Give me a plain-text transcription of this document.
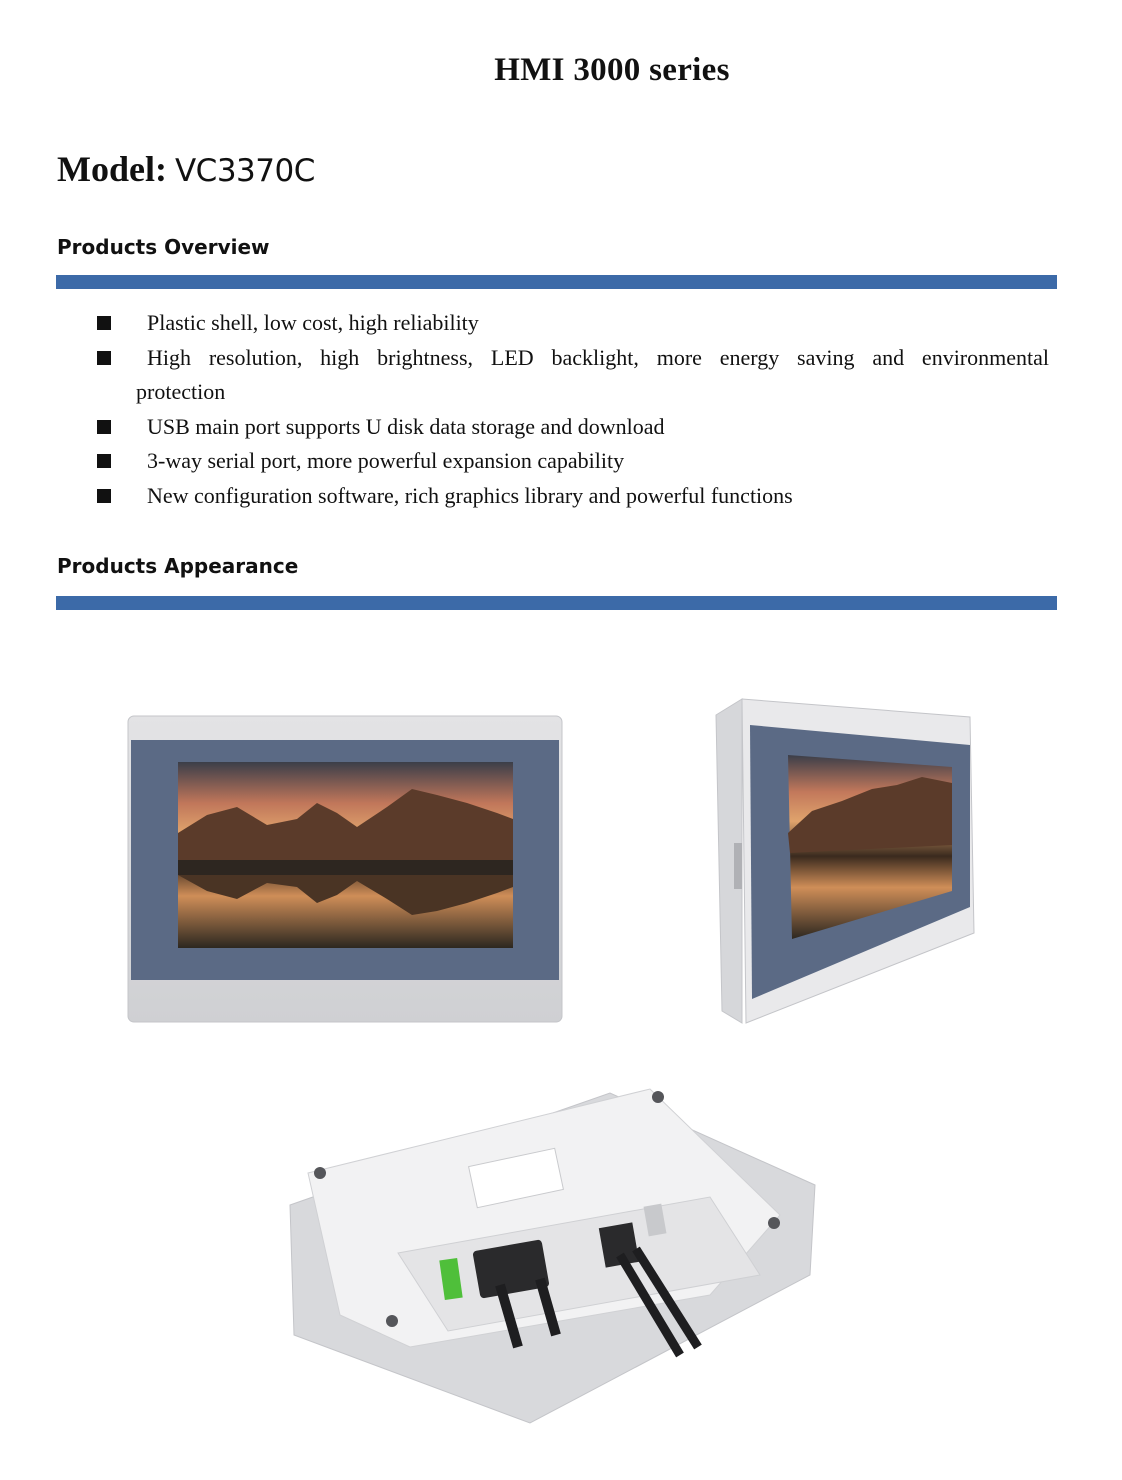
HMI 3000 series
Model: VC3370C
Products Overview
Plastic shell, low cost, high reliability
High resolution, high brightness, LED backlight, more energy saving and environmental
protection
USB main port supports U disk data storage and download
3-way serial port, more powerful expansion capability
New configuration software, rich graphics library and powerful functions
Products Appearance
